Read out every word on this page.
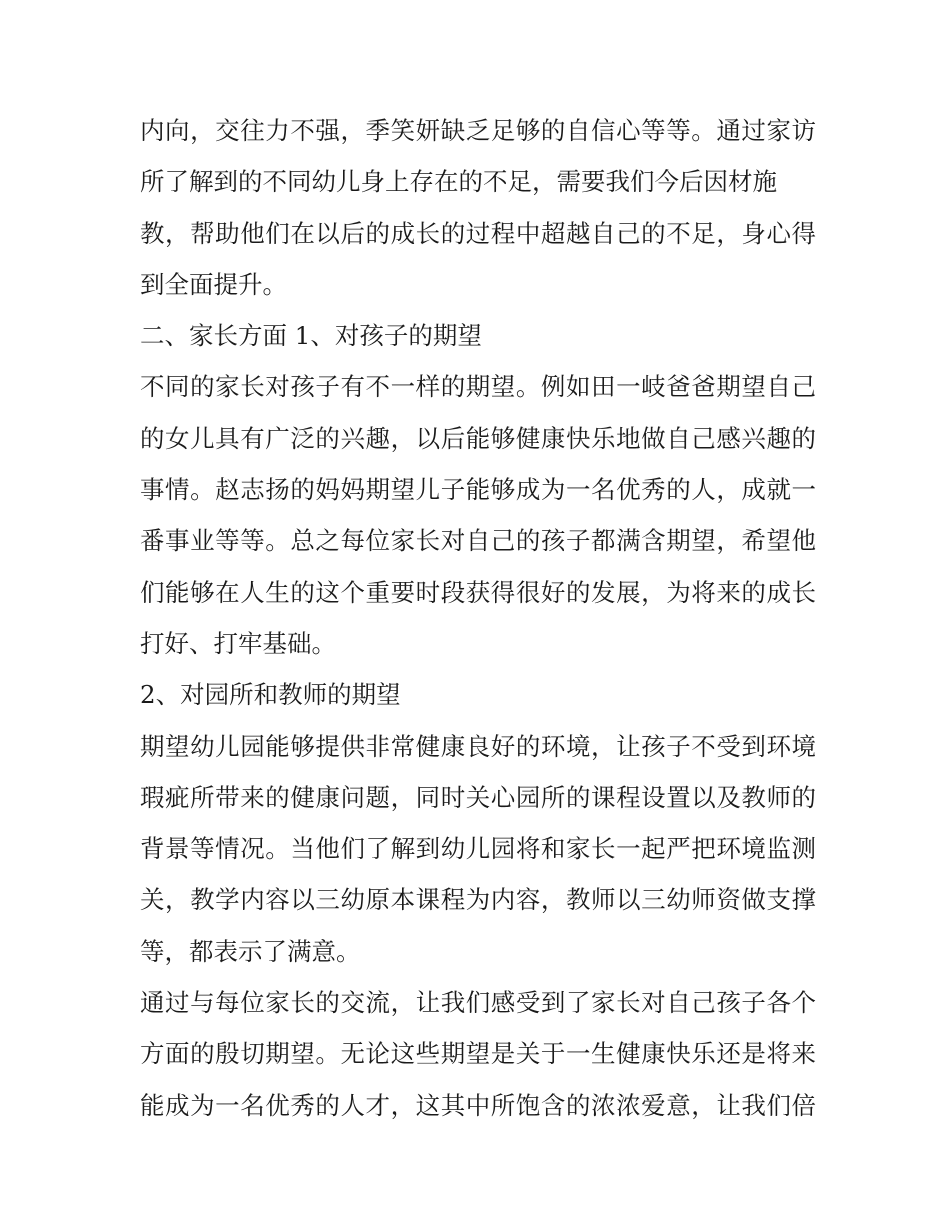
内向，交往力不强，季笑妍缺乏足够的自信心等等。通过家访
所了解到的不同幼儿身上存在的不足，需要我们今后因材施
教，帮助他们在以后的成长的过程中超越自己的不足，身心得
到全面提升。
二、家长方面 1、对孩子的期望
不同的家长对孩子有不一样的期望。例如田一岐爸爸期望自己
的女儿具有广泛的兴趣，以后能够健康快乐地做自己感兴趣的
事情。赵志扬的妈妈期望儿子能够成为一名优秀的人，成就一
番事业等等。总之每位家长对自己的孩子都满含期望，希望他
们能够在人生的这个重要时段获得很好的发展，为将来的成长
打好、打牢基础。
2、对园所和教师的期望
期望幼儿园能够提供非常健康良好的环境，让孩子不受到环境
瑕疵所带来的健康问题，同时关心园所的课程设置以及教师的
背景等情况。当他们了解到幼儿园将和家长一起严把环境监测
关，教学内容以三幼原本课程为内容，教师以三幼师资做支撑
等，都表示了满意。
通过与每位家长的交流，让我们感受到了家长对自己孩子各个
方面的殷切期望。无论这些期望是关于一生健康快乐还是将来
能成为一名优秀的人才，这其中所饱含的浓浓爱意，让我们倍
